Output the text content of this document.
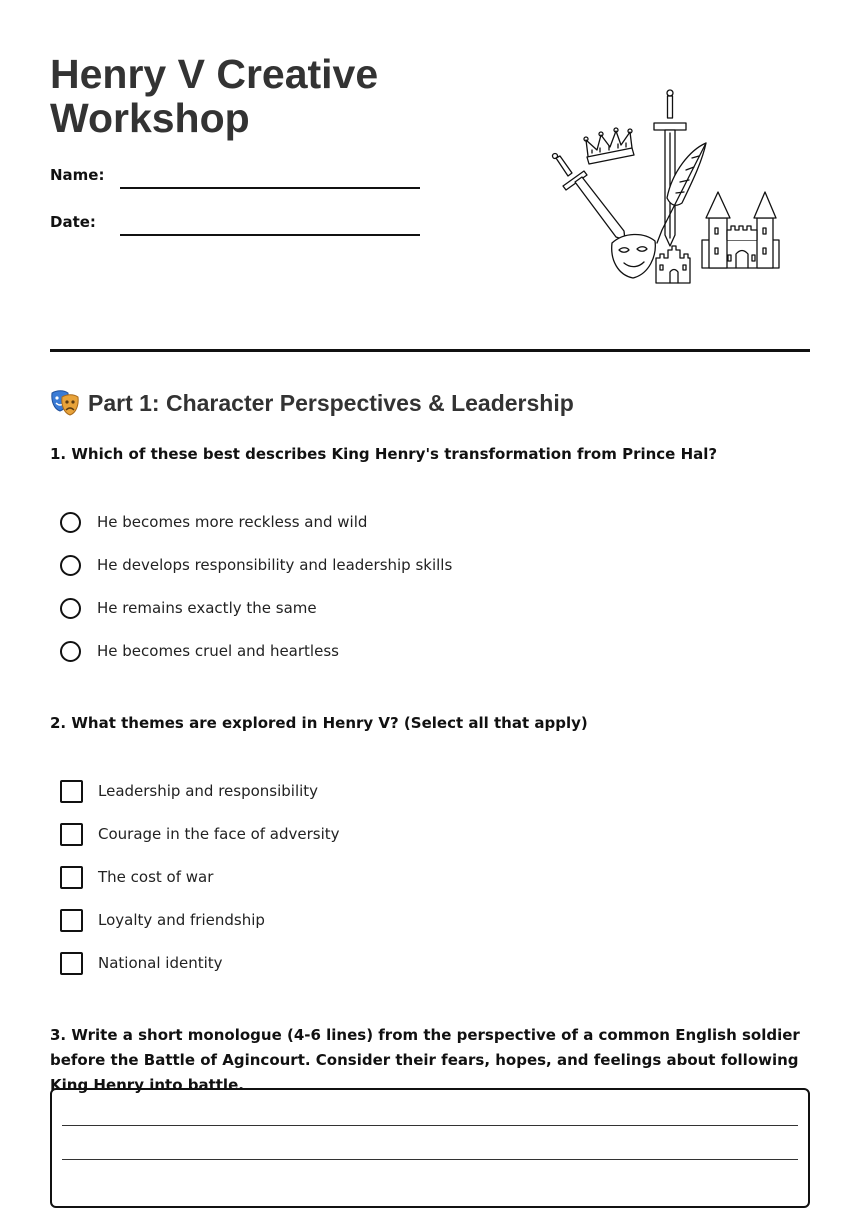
Henry V Creative
Workshop
Name:
Date:
Part 1: Character Perspectives & Leadership

1. Which of these best describes King Henry's transformation from Prince Hal?

He becomes more reckless and wild
He develops responsibility and leadership skills
He remains exactly the same
He becomes cruel and heartless

2. What themes are explored in Henry V? (Select all that apply)

Leadership and responsibility
Courage in the face of adversity
The cost of war
Loyalty and friendship
National identity

3. Write a short monologue (4-6 lines) from the perspective of a common English soldier before the Battle of Agincourt. Consider their fears, hopes, and feelings about following King Henry into battle.
